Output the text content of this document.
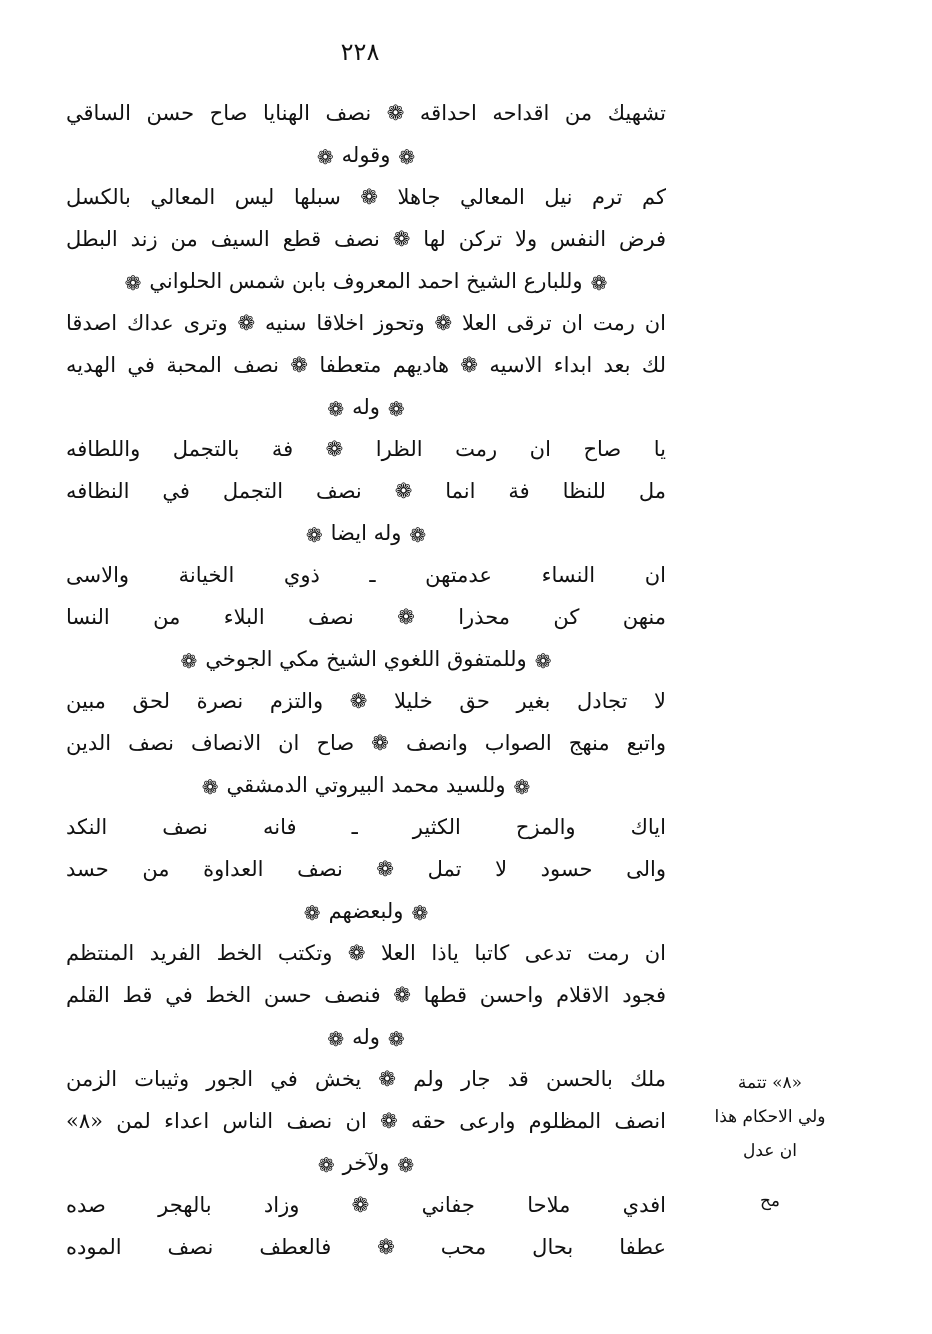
٢٢٨
تشهيك من اقداحه احداقه ❁ نصف الهنايا صاح حسن الساقي
❁وقوله❁
كم ترم نيل المعالي جاهلا ❁ سبلها ليس المعالي بالكسل
فرض النفس ولا تركن لها ❁ نصف قطع السيف من زند البطل
❁وللبارع الشيخ احمد المعروف بابن شمس الحلواني❁
ان رمت ان ترقى العلا ❁ وتحوز اخلاقا سنيه ❁ وترى عداك اصدقا
لك بعد ابداء الاسيه ❁ هاديهم متعطفا ❁ نصف المحبة في الهديه
❁وله❁
يا صاح ان رمت الظرا ❁ فة بالتجمل واللطافه
مل للنظا فة انما ❁ نصف التجمل في النظافه
❁وله ايضا❁
ان النساء عدمتهن ـ ذوي الخيانة والاسى
منهن كن محذرا ❁ نصف البلاء من النسا
❁وللمتفوق اللغوي الشيخ مكي الجوخي❁
لا تجادل بغير حق خليلا ❁ والتزم نصرة لحق مبين
واتبع منهج الصواب وانصف ❁ صاح ان الانصاف نصف الدين
❁وللسيد محمد البيروتي الدمشقي❁
اياك والمزح الكثير ـ فانه نصف النكد
والى حسود لا تمل ❁ نصف العداوة من حسد
❁ولبعضهم❁
ان رمت تدعى كاتبا ياذا العلا ❁ وتكتب الخط الفريد المنتظم
فجود الاقلام واحسن قطها ❁ فنصف حسن الخط في قط القلم
❁وله❁
ملك بالحسن قد جار ولم ❁ يخش في الجور وثيبات الزمن
انصف المظلوم وارعى حقه ❁ ان نصف الناس اعداء لمن «٨»
❁ولآخر❁
افدي ملاحا جفاني ❁ وزاد بالهجر صده
عطفا بحال محب ❁ فالعطف نصف الموده
«٨» تتمة
ولي الاحكام هذا
ان عدل
مح
